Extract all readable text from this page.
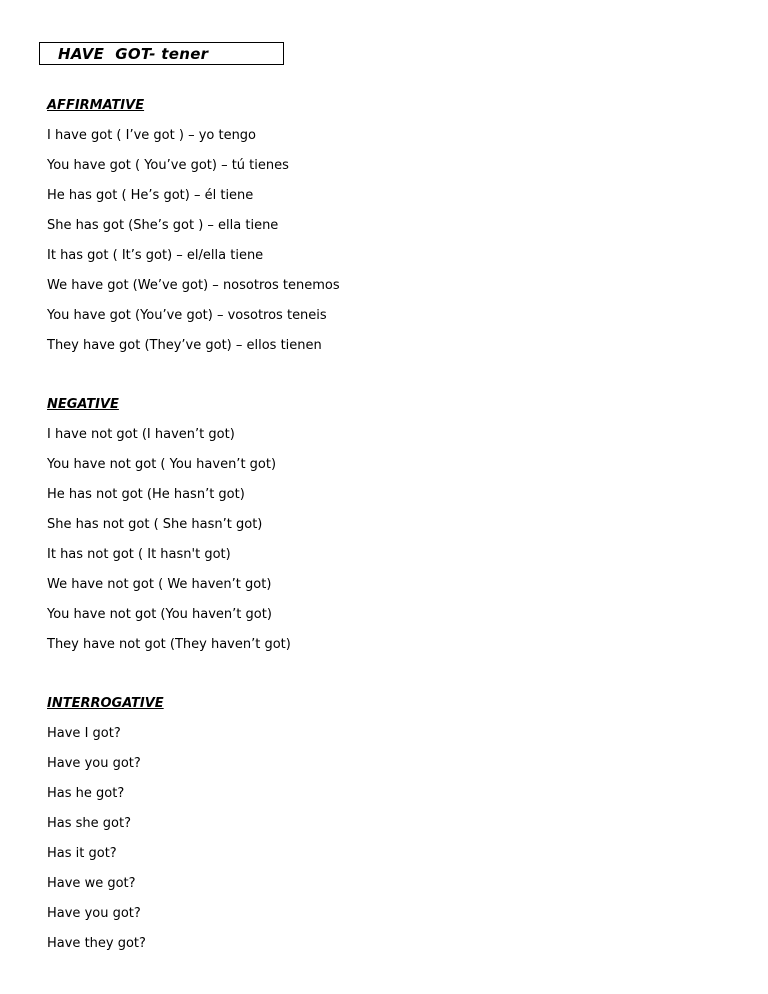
HAVE  GOT- tener
AFFIRMATIVE
I have got ( I’ve got ) – yo tengo
You have got ( You’ve got) – tú tienes
He has got ( He’s got) – él tiene
She has got (She’s got ) – ella tiene
It has got ( It’s got) – el/ella tiene
We have got (We’ve got) – nosotros tenemos
You have got (You’ve got) – vosotros teneis
They have got (They’ve got) – ellos tienen
NEGATIVE
I have not got (I haven’t got)
You have not got ( You haven’t got)
He has not got (He hasn’t got)
She has not got ( She hasn’t got)
It has not got ( It hasn't got)
We have not got ( We haven’t got)
You have not got (You haven’t got)
They have not got (They haven’t got)
INTERROGATIVE
Have I got?
Have you got?
Has he got?
Has she got?
Has it got?
Have we got?
Have you got?
Have they got?
